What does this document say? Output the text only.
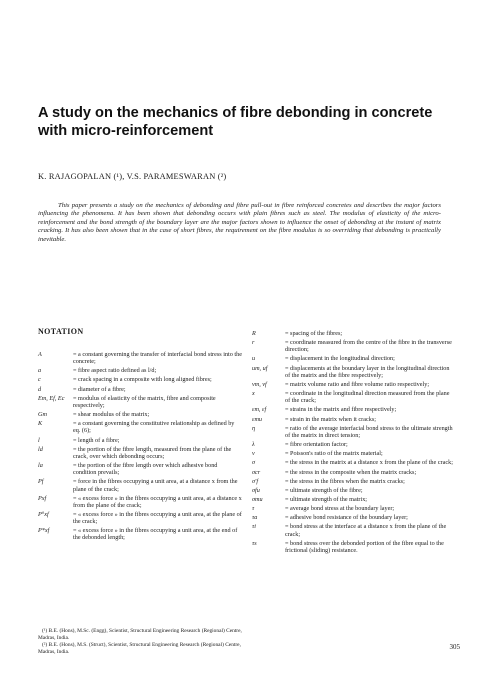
A study on the mechanics of fibre debonding in concrete with micro-reinforcement
K. RAJAGOPALAN (¹), V.S. PARAMESWARAN (²)
This paper presents a study on the mechanics of debonding and fibre pull-out in fibre reinforced concretes and describes the major factors influencing the phenomena. It has been shown that debonding occurs with plain fibres such as steel. The modulus of elasticity of the micro-reinforcement and the bond strength of the boundary layer are the major factors shown to influence the onset of debonding at the instant of matrix cracking. It has also been shown that in the case of short fibres, the requirement on the fibre modulus is so overriding that debonding is practically inevitable.
NOTATION
A	= a constant governing the transfer of interfacial bond stress into the concrete;
a	= fibre aspect ratio defined as l/d;
c	= crack spacing in a composite with long aligned fibres;
d	= diameter of a fibre;
Em, Ef, Ec	= modulus of elasticity of the matrix, fibre and composite respectively;
Gm	= shear modulus of the matrix;
K	= a constant governing the constitutive relationship as defined by eq. (6);
l	= length of a fibre;
ld	= the portion of the fibre length, measured from the plane of the crack, over which debonding occurs;
la	= the portion of the fibre length over which adhesive bond condition prevails;
Pf	= force in the fibres occupying a unit area, at a distance x from the plane of the crack;
Pxf	= « excess force » in the fibres occupying a unit area, at a distance x from the plane of the crack;
P⁰xf	= « excess force » in the fibres occupying a unit area, at the plane of the crack;
P*xf	= « excess force » in the fibres occupying a unit area, at the end of the debonded length;
(¹) B.E. (Hons), M.Sc. (Engg), Scientist, Structural Engineering Research (Regional) Centre, Madras, India.
(²) B.E. (Hons), M.S. (Struct), Scientist, Structural Engineering Research (Regional) Centre, Madras, India.
R	= spacing of the fibres;
r	= coordinate measured from the centre of the fibre in the transverse direction;
u	= displacement in the longitudinal direction;
um, uf	= displacements at the boundary layer in the longitudinal direction of the matrix and the fibre respectively;
vm, vf	= matrix volume ratio and fibre volume ratio respectively;
x	= coordinate in the longitudinal direction measured from the plane of the crack;
εm, εf	= strains in the matrix and fibre respectively;
εmu	= strain in the matrix when it cracks;
η	= ratio of the average interfacial bond stress to the ultimate strength of the matrix in direct tension;
λ	= fibre orientation factor;
ν	= Poisson's ratio of the matrix material;
σ	= the stress in the matrix at a distance x from the plane of the crack;
σcr	= the stress in the composite when the matrix cracks;
σ′f	= the stress in the fibres when the matrix cracks;
σfu	= ultimate strength of the fibre;
σmu	= ultimate strength of the matrix;
τ	= average bond stress at the boundary layer;
τa	= adhesive bond resistance of the boundary layer;
τi	= bond stress at the interface at a distance x from the plane of the crack;
τs	= bond stress over the debonded portion of the fibre equal to the frictional (sliding) resistance.
305
